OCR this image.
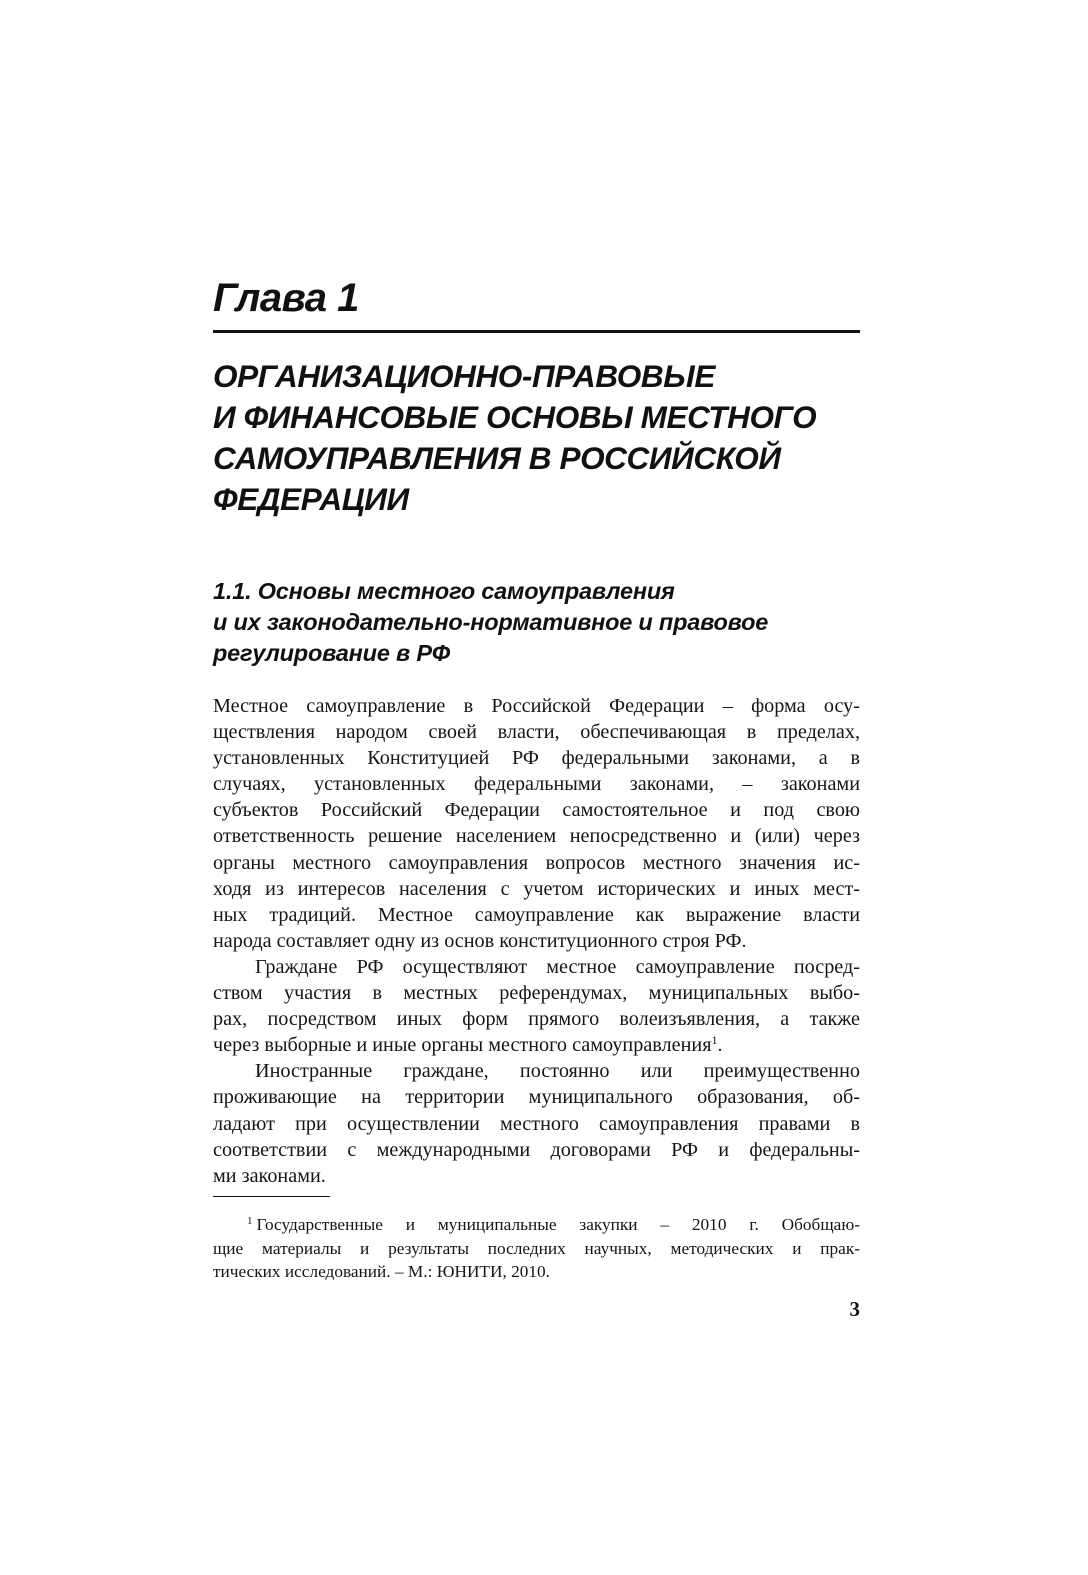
Глава 1
ОРГАНИЗАЦИОННО-ПРАВОВЫЕ
И ФИНАНСОВЫЕ ОСНОВЫ МЕСТНОГО
САМОУПРАВЛЕНИЯ В РОССИЙСКОЙ
ФЕДЕРАЦИИ
1.1. Основы местного самоуправления
и их законодательно-нормативное и правовое
регулирование в РФ
Местное самоуправление в Российской Федерации – форма осу-
ществления народом своей власти, обеспечивающая в пределах,
установленных Конституцией РФ федеральными законами, а в
случаях, установленных федеральными законами, – законами
субъектов Российский Федерации самостоятельное и под свою
ответственность решение населением непосредственно и (или) через
органы местного самоуправления вопросов местного значения ис-
ходя из интересов населения с учетом исторических и иных мест-
ных традиций. Местное самоуправление как выражение власти
народа составляет одну из основ конституционного строя РФ.
Граждане РФ осуществляют местное самоуправление посред-
ством участия в местных референдумах, муниципальных выбо-
рах, посредством иных форм прямого волеизъявления, а также
через выборные и иные органы местного самоуправления$^1$.
Иностранные граждане, постоянно или преимущественно
проживающие на территории муниципального образования, об-
ладают при осуществлении местного самоуправления правами в
соответствии с международными договорами РФ и федеральны-
ми законами.
$^1$ Государственные и муниципальные закупки – 2010 г. Обобщаю-
щие материалы и результаты последних научных, методических и прак-
тических исследований. – М.: ЮНИТИ, 2010.
3
